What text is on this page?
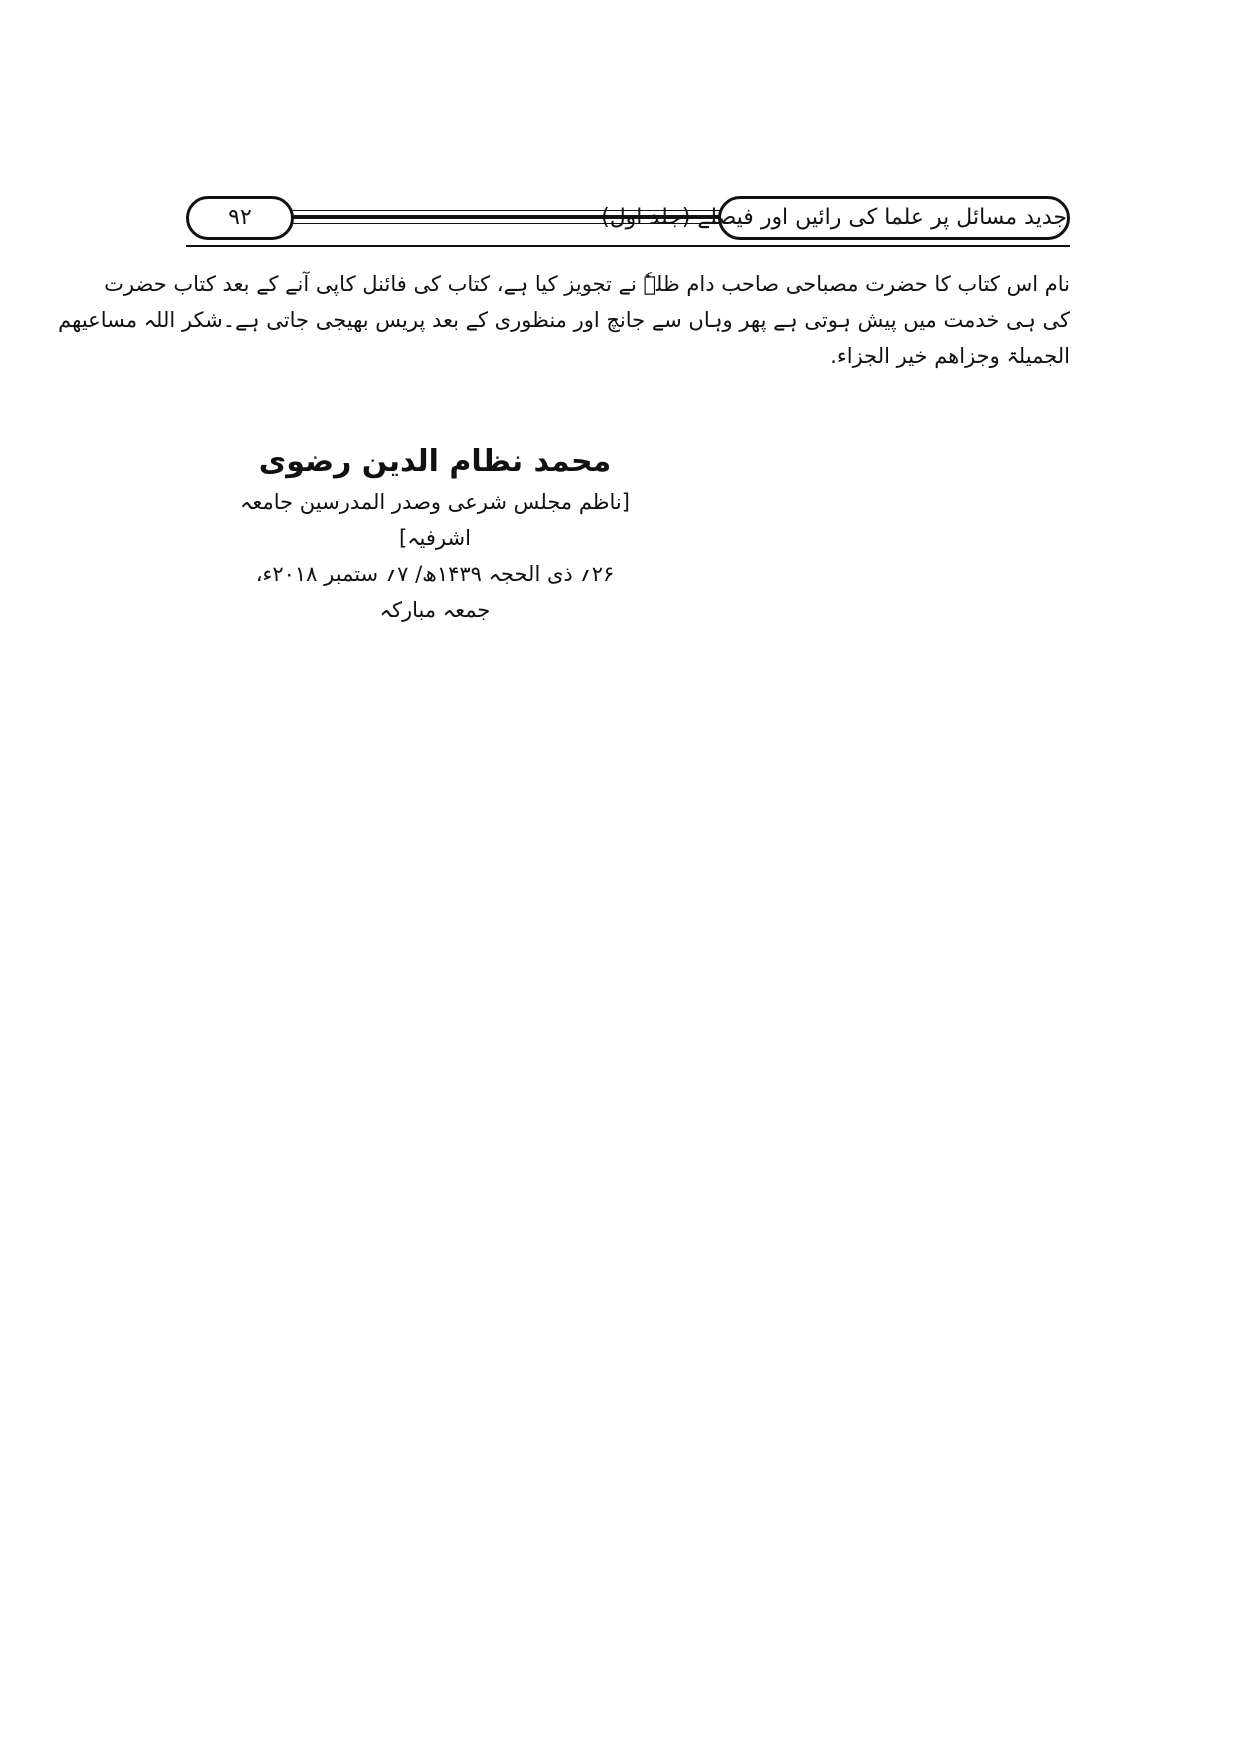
۹۲	جدید مسائل پر علما کی رائیں اور فیصلے (جلد اول)

نام اس کتاب کا حضرت مصباحی صاحب دام ظلہٗ نے تجویز کیا ہے، کتاب کی فائنل کاپی آنے کے بعد کتاب حضرت

کی ہی خدمت میں پیش ہوتی ہے پھر وہاں سے جانچ اور منظوری کے بعد پریس بھیجی جاتی ہے۔شکر اللہ مساعیھم

الجمیلۃ وجزاھم خیر الجزاء.

محمد نظام الدین رضوی

[ناظم مجلس شرعی وصدر المدرسین جامعہ اشرفیہ]

۲۶؍ ذی الحجہ ۱۴۳۹ھ/ ۷؍ ستمبر ۲۰۱۸ء، جمعہ مبارکہ
